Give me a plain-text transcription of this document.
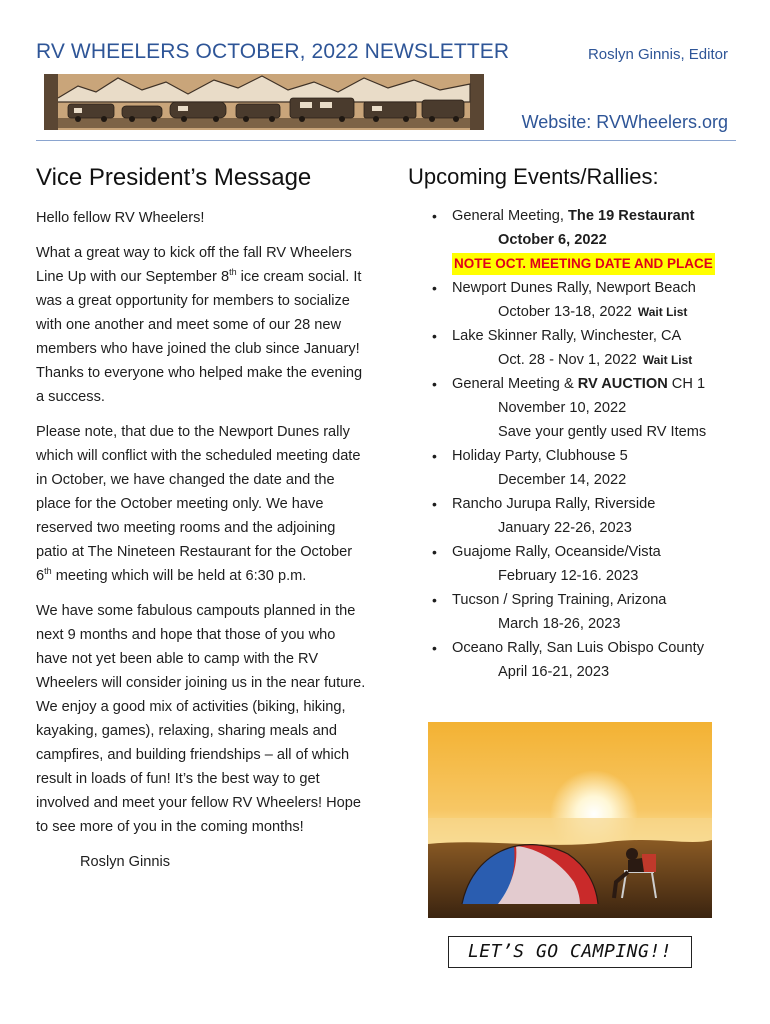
RV WHEELERS OCTOBER, 2022 NEWSLETTER	Roslyn Ginnis, Editor
Website: RVWheelers.org
Vice President’s Message

Hello fellow RV Wheelers!

What a great way to kick off the fall RV Wheelers Line Up with our September 8th ice cream social. It was a great opportunity for members to socialize with one another and meet some of our 28 new members who have joined the club since January! Thanks to everyone who helped make the evening a success.

Please note, that due to the Newport Dunes rally which will conflict with the scheduled meeting date in October, we have changed the date and the place for the October meeting only. We have reserved two meeting rooms and the adjoining patio at The Nineteen Restaurant for the October 6th meeting which will be held at 6:30 p.m.

We have some fabulous campouts planned in the next 9 months and hope that those of you who have not yet been able to camp with the RV Wheelers will consider joining us in the near future. We enjoy a good mix of activities (biking, hiking, kayaking, games), relaxing, sharing meals and campfires, and building friendships – all of which result in loads of fun! It’s the best way to get involved and meet your fellow RV Wheelers! Hope to see more of you in the coming months!

Roslyn Ginnis

Upcoming Events/Rallies:
• General Meeting, The 19 Restaurant
October 6, 2022
NOTE OCT. MEETING DATE AND PLACE
• Newport Dunes Rally, Newport Beach
October 13-18, 2022 Wait List
• Lake Skinner Rally, Winchester, CA
Oct. 28 - Nov 1, 2022 Wait List
• General Meeting & RV AUCTION CH 1
November 10, 2022
Save your gently used RV Items
• Holiday Party, Clubhouse 5
December 14, 2022
• Rancho Jurupa Rally, Riverside
January 22-26, 2023
• Guajome Rally, Oceanside/Vista
February 12-16. 2023
• Tucson / Spring Training, Arizona
March 18-26, 2023
• Oceano Rally, San Luis Obispo County
April 16-21, 2023
LET’S GO CAMPING!!
